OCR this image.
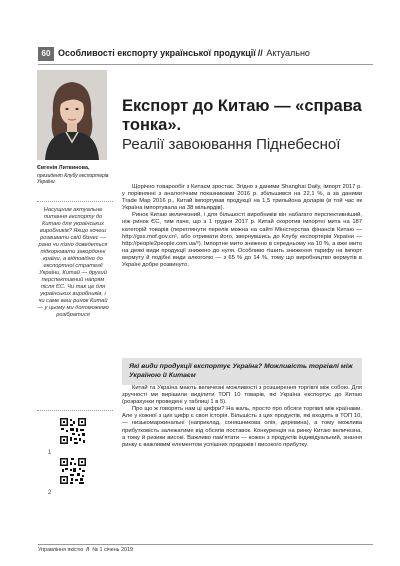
60 Особливості експорту української продукції // Актуально
Євгенія Литвинова,
президент Клубу експортерів України
Насущним актуальне питання експорту до Китаю для українських виробників? Якщо хочеш розвивати свій бізнес — рано чи пізно доведеться підкорювати закордонні країни, а відповідно до експортної стратегії України, Китай — другий перспективний напрям після ЄС. Чи так це для українських виробників, і чи саме ваш ринок Китай — у цьому ми допоможемо розібратися
1
2
Експорт до Китаю — «справа тонка».
Реалії завоювання Піднебесної

Щорічно товарообіг з Китаєм зростає. Згідно з даними Shanghai Daily, імпорт 2017 р. у порівнянні з аналогічним показниками 2016 р. збільшився на 22,1 %, а за даними Trade Map 2016 р., Китай імпортував продукції на 1,5 трильйона доларів (в той час як Україна імпортувала на 38 мільярдів).

Ринок Китаю величезний, і для більшості виробників він набагато перспективніший, ніж ринок ЄС, тим паче, що з 1 грудня 2017 р. Китай скоротив імпортні мита на 187 категорій товарів (переглянути перелік можна на сайті Міністерства фінансів Китаю — http://gss.mof.gov.cn¹, або отримати його, звернувшись до Клубу експортерів України — http://people2people.com.ua/²). Імпортне мито знижено в середньому на 10 %, а вже мито на деякі види продукції знижено до нуля. Особливо тішить зниження тарифу на імпорт вермуту й подібні види алкоголю — з 65 % до 14 %, тому що виробництво вермутів в Україні добре розвинуто.

Які види продукції експортує Україна? Можливість торгівлі між Україною й Китаєм

Китай та Україна мають величезні можливості з розширення торгівлі між собою. Для зручності ми вирішили виділити ТОП 10 товарів, які Україна експортує до Китаю (розрахунки проведені у таблиці 1 в 5).

Про що ж говорять нам ці цифри? На жаль, просто про обсяги торгівлі між країнами. Але у кожної з цих цифр є своя історія. Більшість з цих продуктів, які входять в ТОП 10, — низькомаржинальні (наприклад, соняшникова олія, деревина), а тому можлива прибутковість залежатиме від обсягів поставок. Конкуренція на ринку Китаю величезна, а тому й ризики високі. Важливо пам'ятати — кожен з продуктів індивідуальний, знання ринку є важливим елементом успішних продажів і високого прибутку.

Управління якістю // № 1 січень 2019
